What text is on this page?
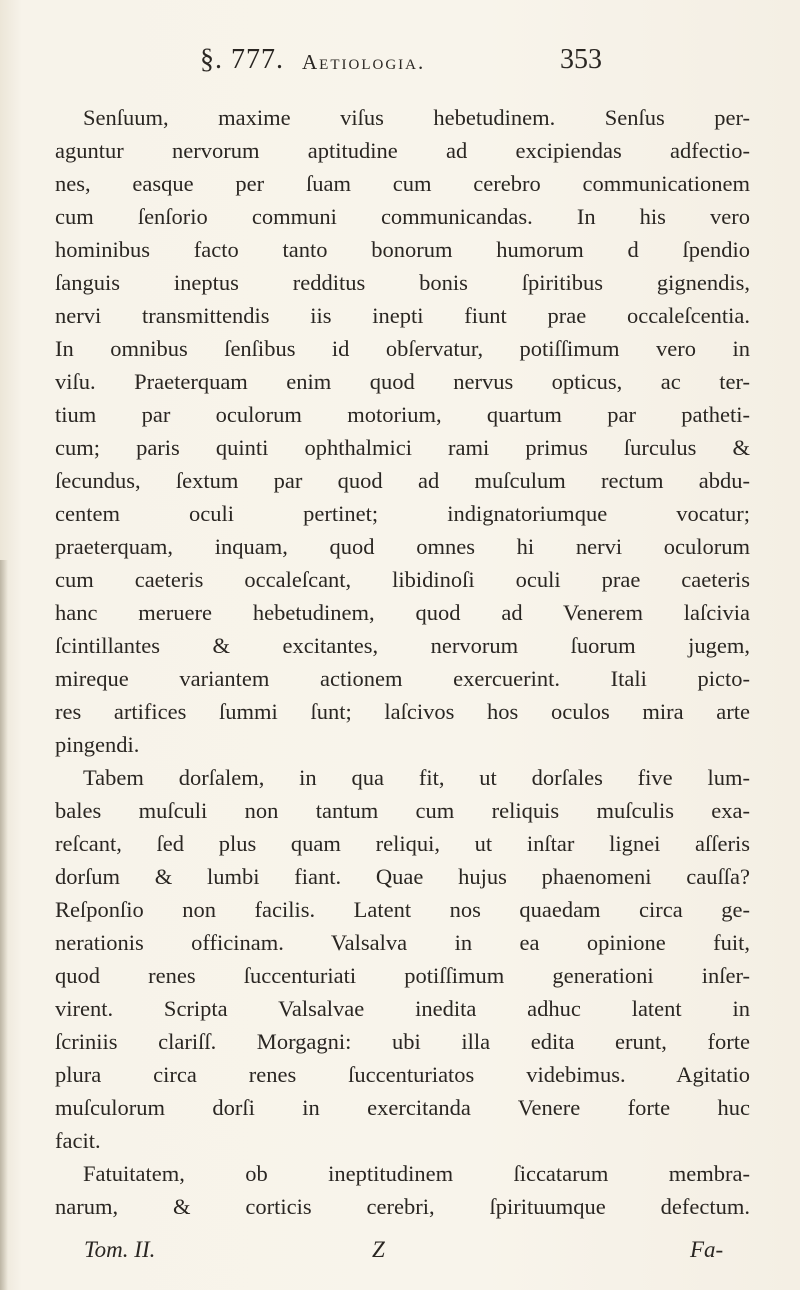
§. 777. Aetiologia.	353
Senſuum, maxime viſus hebetudinem. Senſus per-
aguntur nervorum aptitudine ad excipiendas adfectio-
nes, easque per ſuam cum cerebro communicationem
cum ſenſorio communi communicandas. In his vero
hominibus facto tanto bonorum humorum d ſpendio
ſanguis ineptus redditus bonis ſpiritibus gignendis,
nervi transmittendis iis inepti fiunt prae occaleſcentia.
In omnibus ſenſibus id obſervatur, potiſſimum vero in
viſu. Praeterquam enim quod nervus opticus, ac ter-
tium par oculorum motorium, quartum par patheti-
cum; paris quinti ophthalmici rami primus ſurculus &
ſecundus, ſextum par quod ad muſculum rectum abdu-
centem oculi pertinet; indignatoriumque vocatur;
praeterquam, inquam, quod omnes hi nervi oculorum
cum caeteris occaleſcant, libidinoſi oculi prae caeteris
hanc meruere hebetudinem, quod ad Venerem laſcivia
ſcintillantes & excitantes, nervorum ſuorum jugem,
mireque variantem actionem exercuerint. Itali picto-
res artifices ſummi ſunt; laſcivos hos oculos mira arte
pingendi.
Tabem dorſalem, in qua fit, ut dorſales five lum-
bales muſculi non tantum cum reliquis muſculis exa-
reſcant, ſed plus quam reliqui, ut inſtar lignei aſſeris
dorſum & lumbi fiant. Quae hujus phaenomeni cauſſa?
Reſponſio non facilis. Latent nos quaedam circa ge-
nerationis officinam. Valsalva in ea opinione fuit,
quod renes ſuccenturiati potiſſimum generationi inſer-
virent. Scripta Valsalvae inedita adhuc latent in
ſcriniis clariſſ. Morgagni: ubi illa edita erunt, forte
plura circa renes ſuccenturiatos videbimus. Agitatio
muſculorum dorſi in exercitanda Venere forte huc
facit.
Fatuitatem, ob ineptitudinem ſiccatarum membra-
narum, & corticis cerebri, ſpirituumque defectum.
Tom. II.	Z	Fa-
